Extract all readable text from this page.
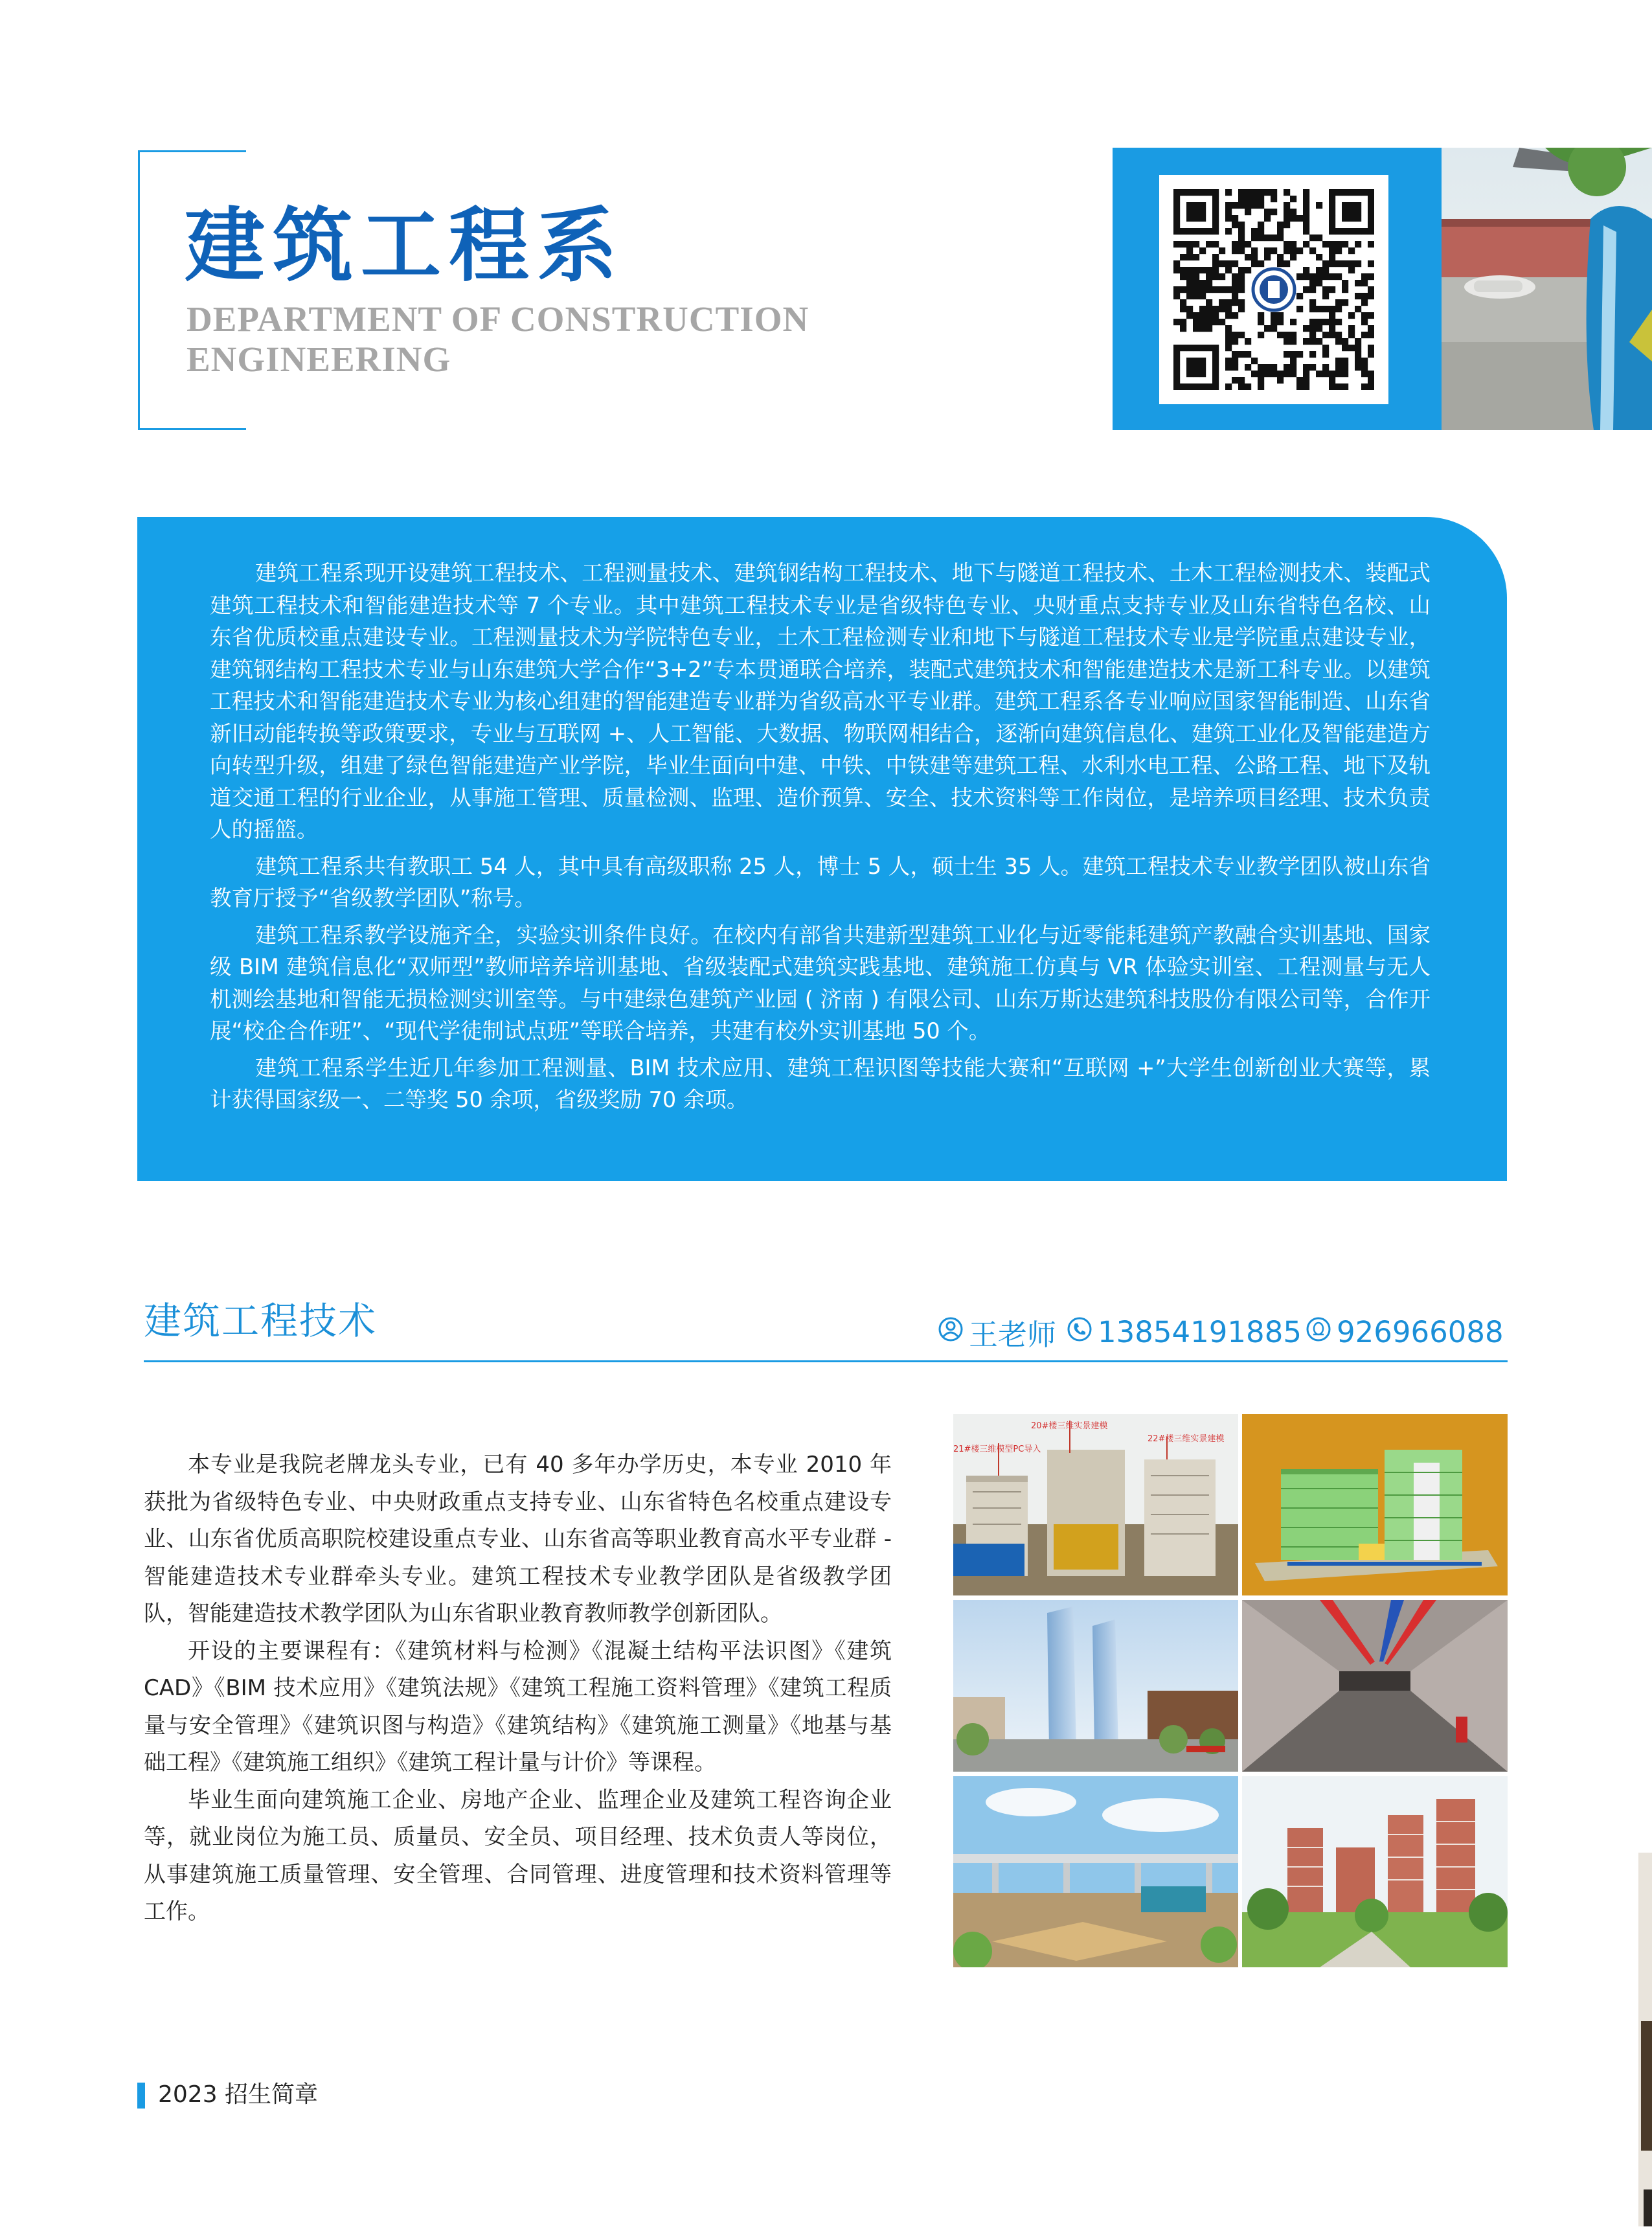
建筑工程系
DEPARTMENT OF CONSTRUCTION
ENGINEERING

建筑工程系现开设建筑工程技术、工程测量技术、建筑钢结构工程技术、地下与隧道工程技术、土木工程检测技术、装配式建筑工程技术和智能建造技术等 7 个专业。其中建筑工程技术专业是省级特色专业、央财重点支持专业及山东省特色名校、山东省优质校重点建设专业。工程测量技术为学院特色专业，土木工程检测专业和地下与隧道工程技术专业是学院重点建设专业，建筑钢结构工程技术专业与山东建筑大学合作“3+2”专本贯通联合培养，装配式建筑技术和智能建造技术是新工科专业。以建筑工程技术和智能建造技术专业为核心组建的智能建造专业群为省级高水平专业群。建筑工程系各专业响应国家智能制造、山东省新旧动能转换等政策要求，专业与互联网 +、人工智能、大数据、物联网相结合，逐渐向建筑信息化、建筑工业化及智能建造方向转型升级，组建了绿色智能建造产业学院，毕业生面向中建、中铁、中铁建等建筑工程、水利水电工程、公路工程、地下及轨道交通工程的行业企业，从事施工管理、质量检测、监理、造价预算、安全、技术资料等工作岗位，是培养项目经理、技术负责人的摇篮。

建筑工程系共有教职工 54 人，其中具有高级职称 25 人，博士 5 人，硕士生 35 人。建筑工程技术专业教学团队被山东省教育厅授予“省级教学团队”称号。

建筑工程系教学设施齐全，实验实训条件良好。在校内有部省共建新型建筑工业化与近零能耗建筑产教融合实训基地、国家级 BIM 建筑信息化“双师型”教师培养培训基地、省级装配式建筑实践基地、建筑施工仿真与 VR 体验实训室、工程测量与无人机测绘基地和智能无损检测实训室等。与中建绿色建筑产业园 ( 济南 ) 有限公司、山东万斯达建筑科技股份有限公司等，合作开展“校企合作班”、“现代学徒制试点班”等联合培养，共建有校外实训基地 50 个。

建筑工程系学生近几年参加工程测量、BIM 技术应用、建筑工程识图等技能大赛和“互联网 +”大学生创新创业大赛等，累计获得国家级一、二等奖 50 余项，省级奖励 70 余项。

建筑工程技术	王老师 13854191885 926966088

本专业是我院老牌龙头专业，已有 40 多年办学历史，本专业 2010 年获批为省级特色专业、中央财政重点支持专业、山东省特色名校重点建设专业、山东省优质高职院校建设重点专业、山东省高等职业教育高水平专业群 - 智能建造技术专业群牵头专业。建筑工程技术专业教学团队是省级教学团队，智能建造技术教学团队为山东省职业教育教师教学创新团队。

开设的主要课程有：《建筑材料与检测》《混凝土结构平法识图》《建筑 CAD》《BIM 技术应用》《建筑法规》《建筑工程施工资料管理》《建筑工程质量与安全管理》《建筑识图与构造》《建筑结构》《建筑施工测量》《地基与基础工程》《建筑施工组织》《建筑工程计量与计价》等课程。

毕业生面向建筑施工企业、房地产企业、监理企业及建筑工程咨询企业等，就业岗位为施工员、质量员、安全员、项目经理、技术负责人等岗位，从事建筑施工质量管理、安全管理、合同管理、进度管理和技术资料管理等工作。

20#楼三维实景建模
21#楼三维模型PC导入
22#楼三维实景建模
2023 招生简章
